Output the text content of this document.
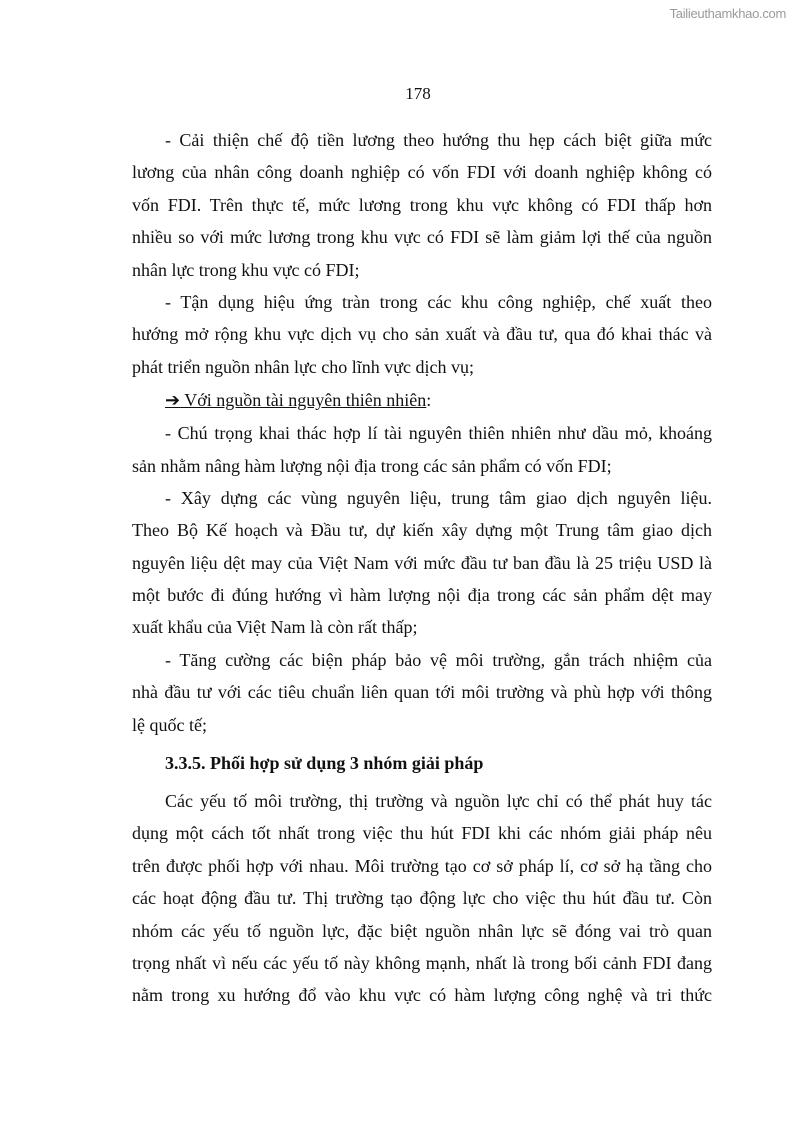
Tailieuthamkhao.com
178
- Cải thiện chế độ tiền lương theo hướng thu hẹp cách biệt giữa mức
lương của nhân công doanh nghiệp có vốn FDI với doanh nghiệp không có
vốn FDI. Trên thực tế, mức lương trong khu vực không có FDI thấp hơn
nhiều so với mức lương trong khu vực có FDI sẽ làm giảm lợi thế của nguồn
nhân lực trong khu vực có FDI;
- Tận dụng hiệu ứng tràn trong các khu công nghiệp, chế xuất theo
hướng mở rộng khu vực dịch vụ cho sản xuất và đầu tư, qua đó khai thác và
phát triển nguồn nhân lực cho lĩnh vực dịch vụ;
➔ Với nguồn tài nguyên thiên nhiên:
- Chú trọng khai thác hợp lí tài nguyên thiên nhiên như dầu mỏ, khoáng
sản nhằm nâng hàm lượng nội địa trong các sản phẩm có vốn FDI;
- Xây dựng các vùng nguyên liệu, trung tâm giao dịch nguyên liệu.
Theo Bộ Kế hoạch và Đầu tư, dự kiến xây dựng một Trung tâm giao dịch
nguyên liệu dệt may của Việt Nam với mức đầu tư ban đầu là 25 triệu USD là
một bước đi đúng hướng vì hàm lượng nội địa trong các sản phẩm dệt may
xuất khẩu của Việt Nam là còn rất thấp;
- Tăng cường các biện pháp bảo vệ môi trường, gắn trách nhiệm của
nhà đầu tư với các tiêu chuẩn liên quan tới môi trường và phù hợp với thông
lệ quốc tế;
3.3.5. Phối hợp sử dụng 3 nhóm giải pháp
Các yếu tố môi trường, thị trường và nguồn lực chỉ có thể phát huy tác
dụng một cách tốt nhất trong việc thu hút FDI khi các nhóm giải pháp nêu
trên được phối hợp với nhau. Môi trường tạo cơ sở pháp lí, cơ sở hạ tầng cho
các hoạt động đầu tư. Thị trường tạo động lực cho việc thu hút đầu tư. Còn
nhóm các yếu tố nguồn lực, đặc biệt nguồn nhân lực sẽ đóng vai trò quan
trọng nhất vì nếu các yếu tố này không mạnh, nhất là trong bối cảnh FDI đang
nằm trong xu hướng đổ vào khu vực có hàm lượng công nghệ và tri thức
